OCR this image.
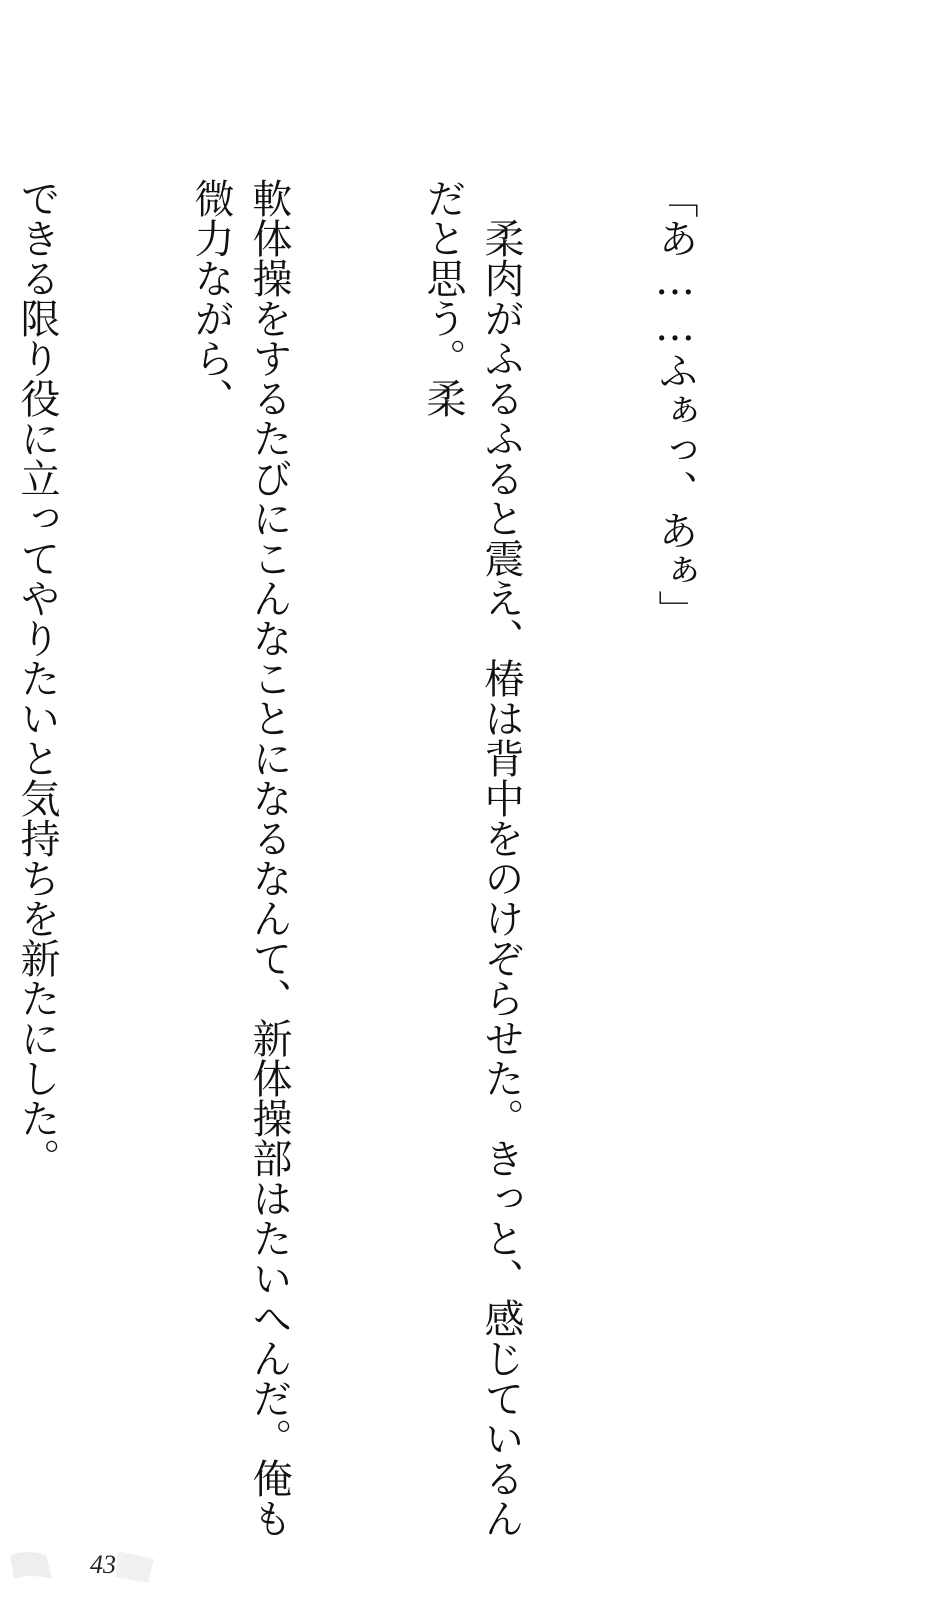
「あ……ふぁっ、あぁ」

　柔肉がふるふると震え、椿は背中をのけぞらせた。きっと、感じているんだと思う。柔

軟体操をするたびにこんなことになるなんて、新体操部はたいへんだ。俺も微力ながら、

できる限り役に立ってやりたいと気持ちを新たにした。

43
